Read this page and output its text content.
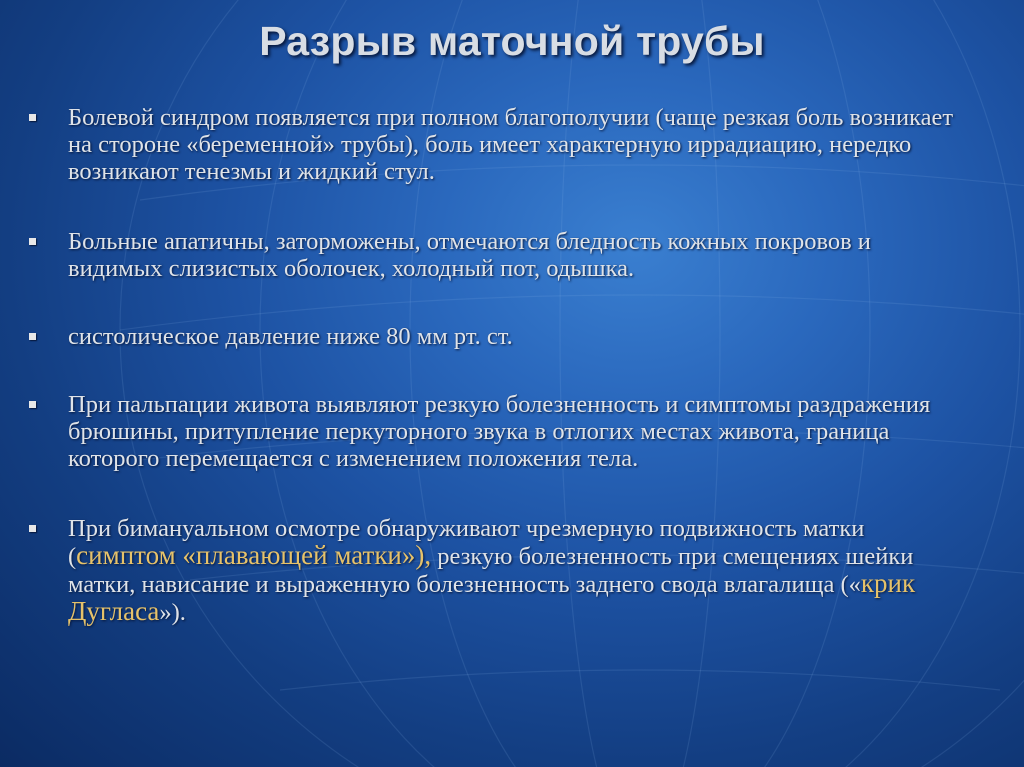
Разрыв маточной трубы
Болевой синдром появляется при полном благополучии (чаще резкая боль возникает на стороне «беременной» трубы), боль имеет характерную иррадиацию, нередко возникают тенезмы и жидкий стул.
Больные апатичны, заторможены, отмечаются бледность кожных покровов и видимых слизистых оболочек, холодный пот, одышка.
систолическое давление ниже 80 мм рт. ст.
При пальпации живота выявляют резкую болезненность и симптомы раздражения брюшины, притупление перкуторного звука в отлогих местах живота, граница которого перемещается с изменением положения тела.
При бимануальном осмотре обнаруживают чрезмерную подвижность матки (симптом «плавающей матки»), резкую болезненность при смещениях шейки матки, нависание и выраженную болезненность заднего свода влагалища («крик Дугласа»).
